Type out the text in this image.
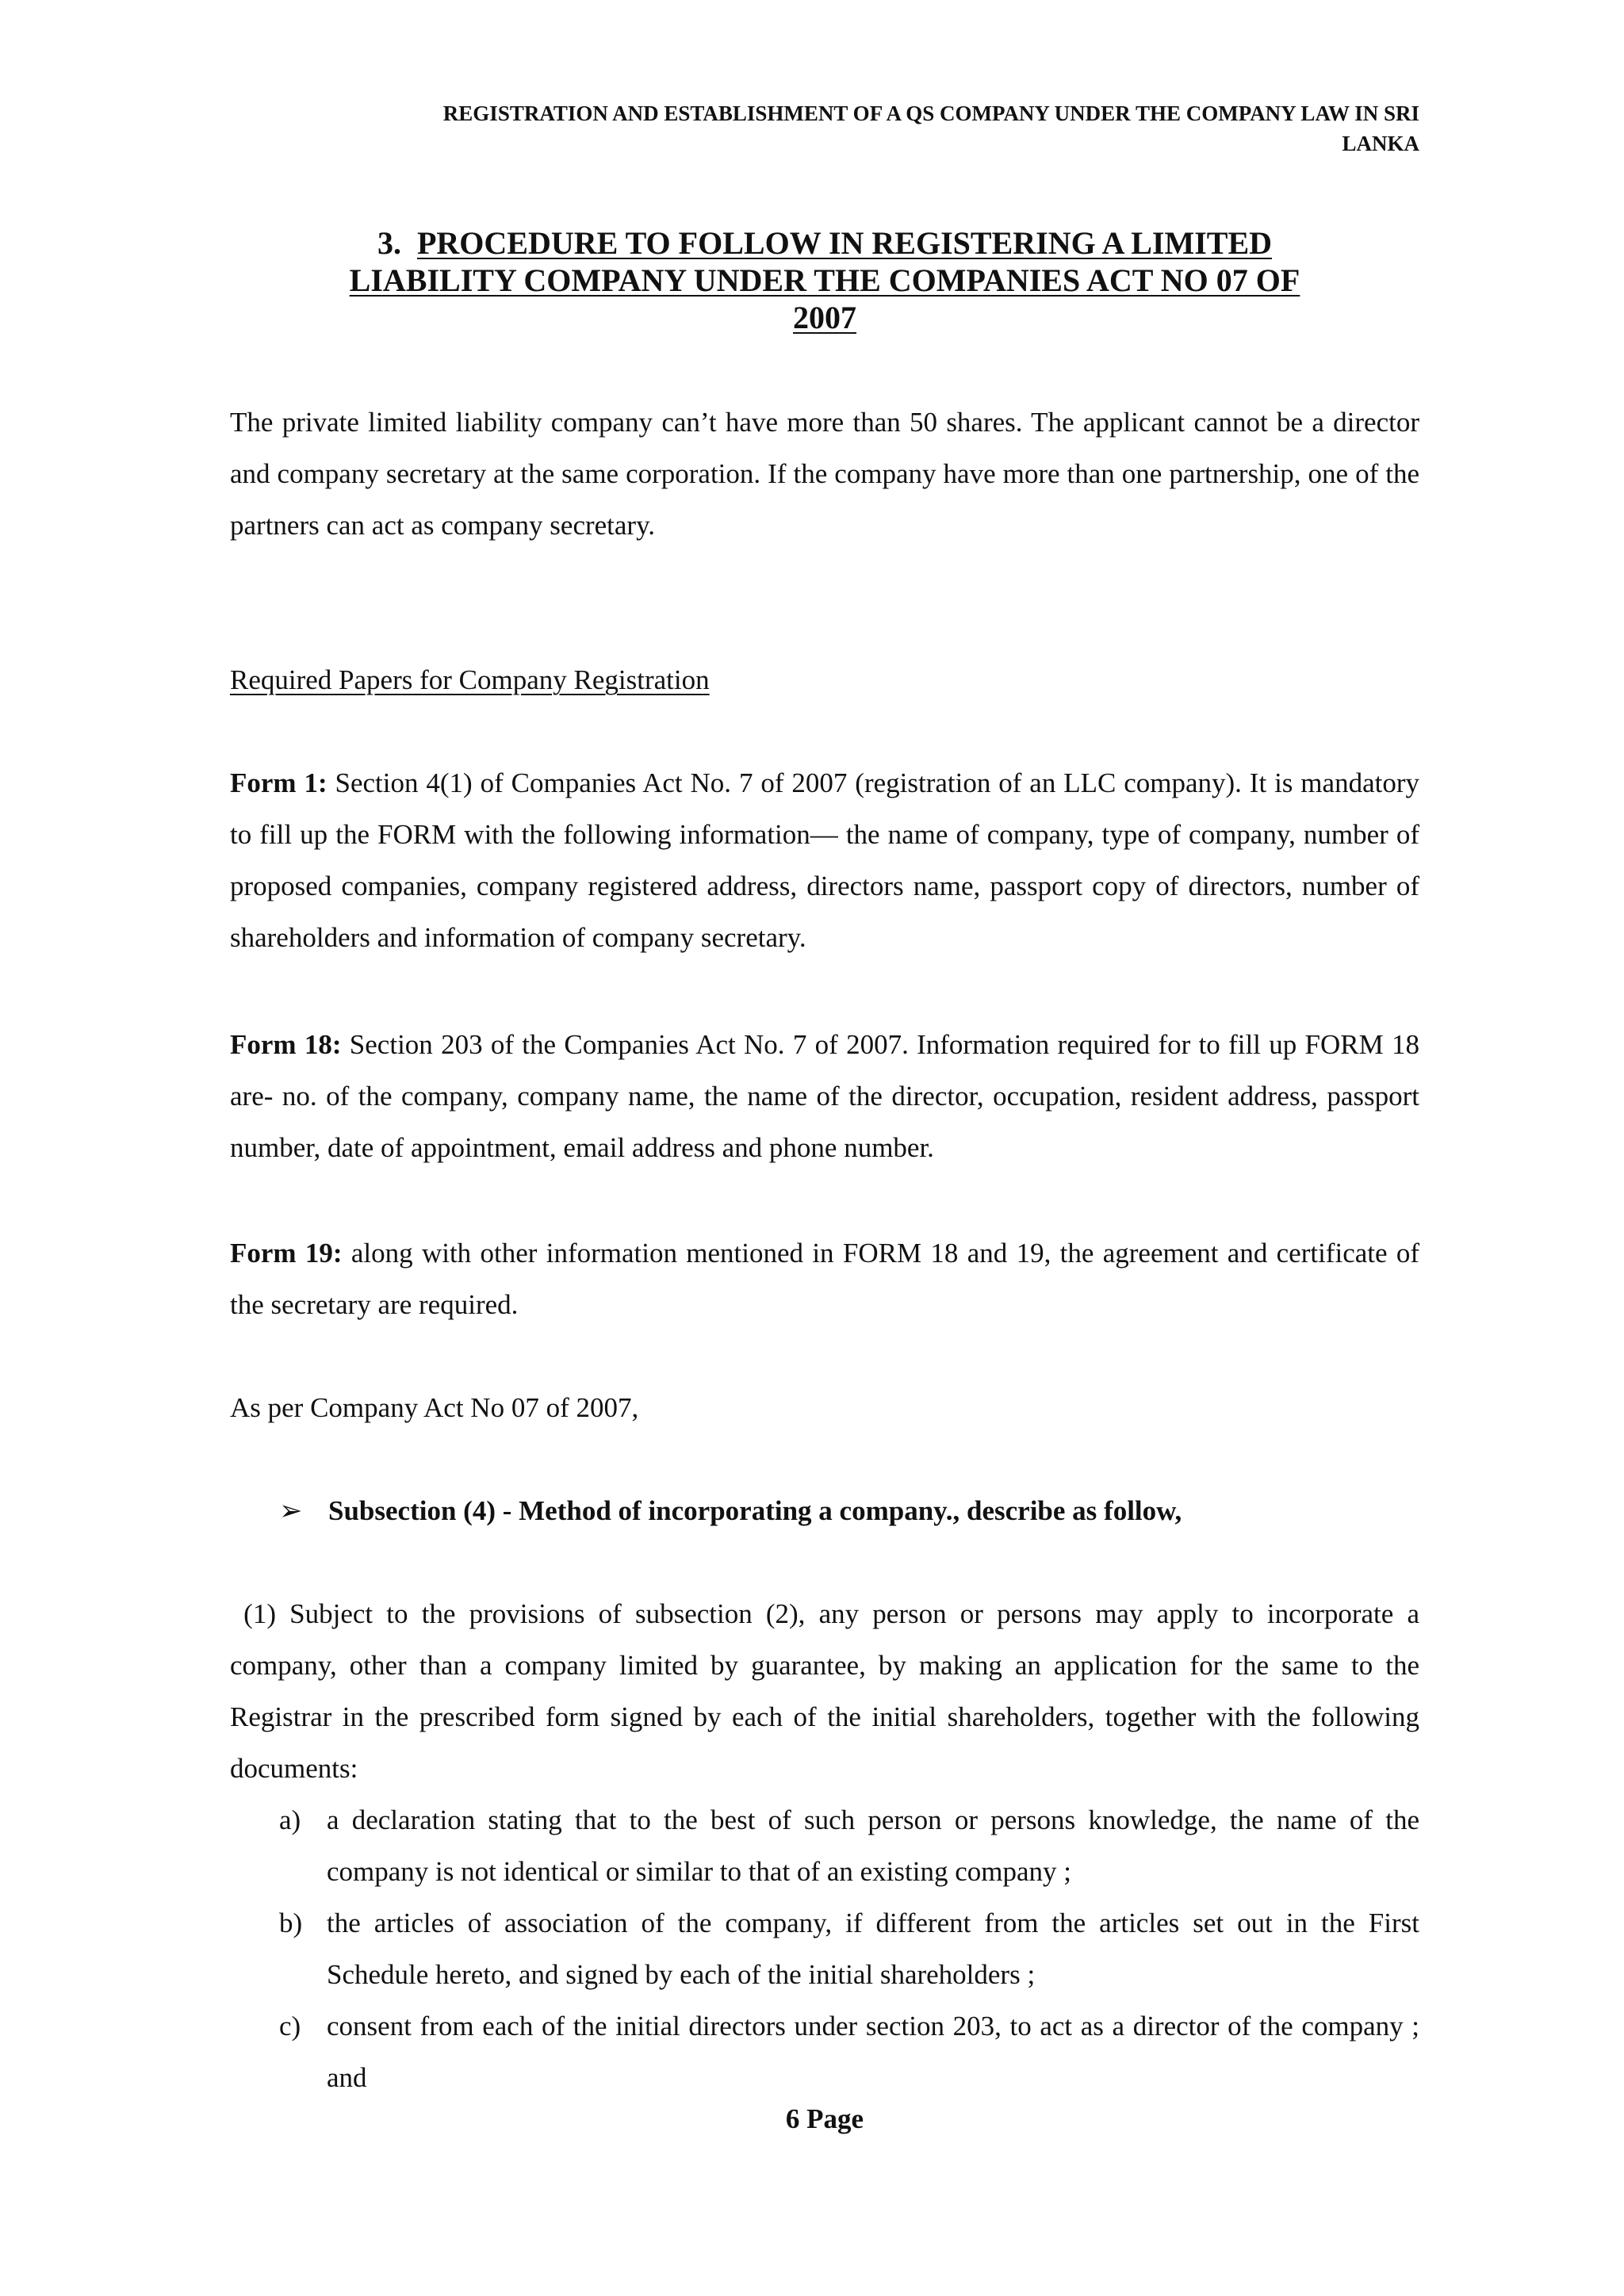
REGISTRATION AND ESTABLISHMENT OF A QS COMPANY UNDER THE COMPANY LAW IN SRI
LANKA
3. PROCEDURE TO FOLLOW IN REGISTERING A LIMITED
LIABILITY COMPANY UNDER THE COMPANIES ACT NO 07 OF
2007

The private limited liability company can’t have more than 50 shares. The applicant cannot be a director and company secretary at the same corporation. If the company have more than one partnership, one of the partners can act as company secretary.

Required Papers for Company Registration

Form 1: Section 4(1) of Companies Act No. 7 of 2007 (registration of an LLC company). It is mandatory to fill up the FORM with the following information— the name of company, type of company, number of proposed companies, company registered address, directors name, passport copy of directors, number of shareholders and information of company secretary.

Form 18: Section 203 of the Companies Act No. 7 of 2007. Information required for to fill up FORM 18 are- no. of the company, company name, the name of the director, occupation, resident address, passport number, date of appointment, email address and phone number.

Form 19: along with other information mentioned in FORM 18 and 19, the agreement and certificate of the secretary are required.

As per Company Act No 07 of 2007,
➢ Subsection (4) - Method of incorporating a company., describe as follow,

(1) Subject to the provisions of subsection (2), any person or persons may apply to incorporate a company, other than a company limited by guarantee, by making an application for the same to the Registrar in the prescribed form signed by each of the initial shareholders, together with the following documents:

a) a declaration stating that to the best of such person or persons knowledge, the name of the company is not identical or similar to that of an existing company ;
b) the articles of association of the company, if different from the articles set out in the First Schedule hereto, and signed by each of the initial shareholders ;
c) consent from each of the initial directors under section 203, to act as a director of the company ; and
6 Page
